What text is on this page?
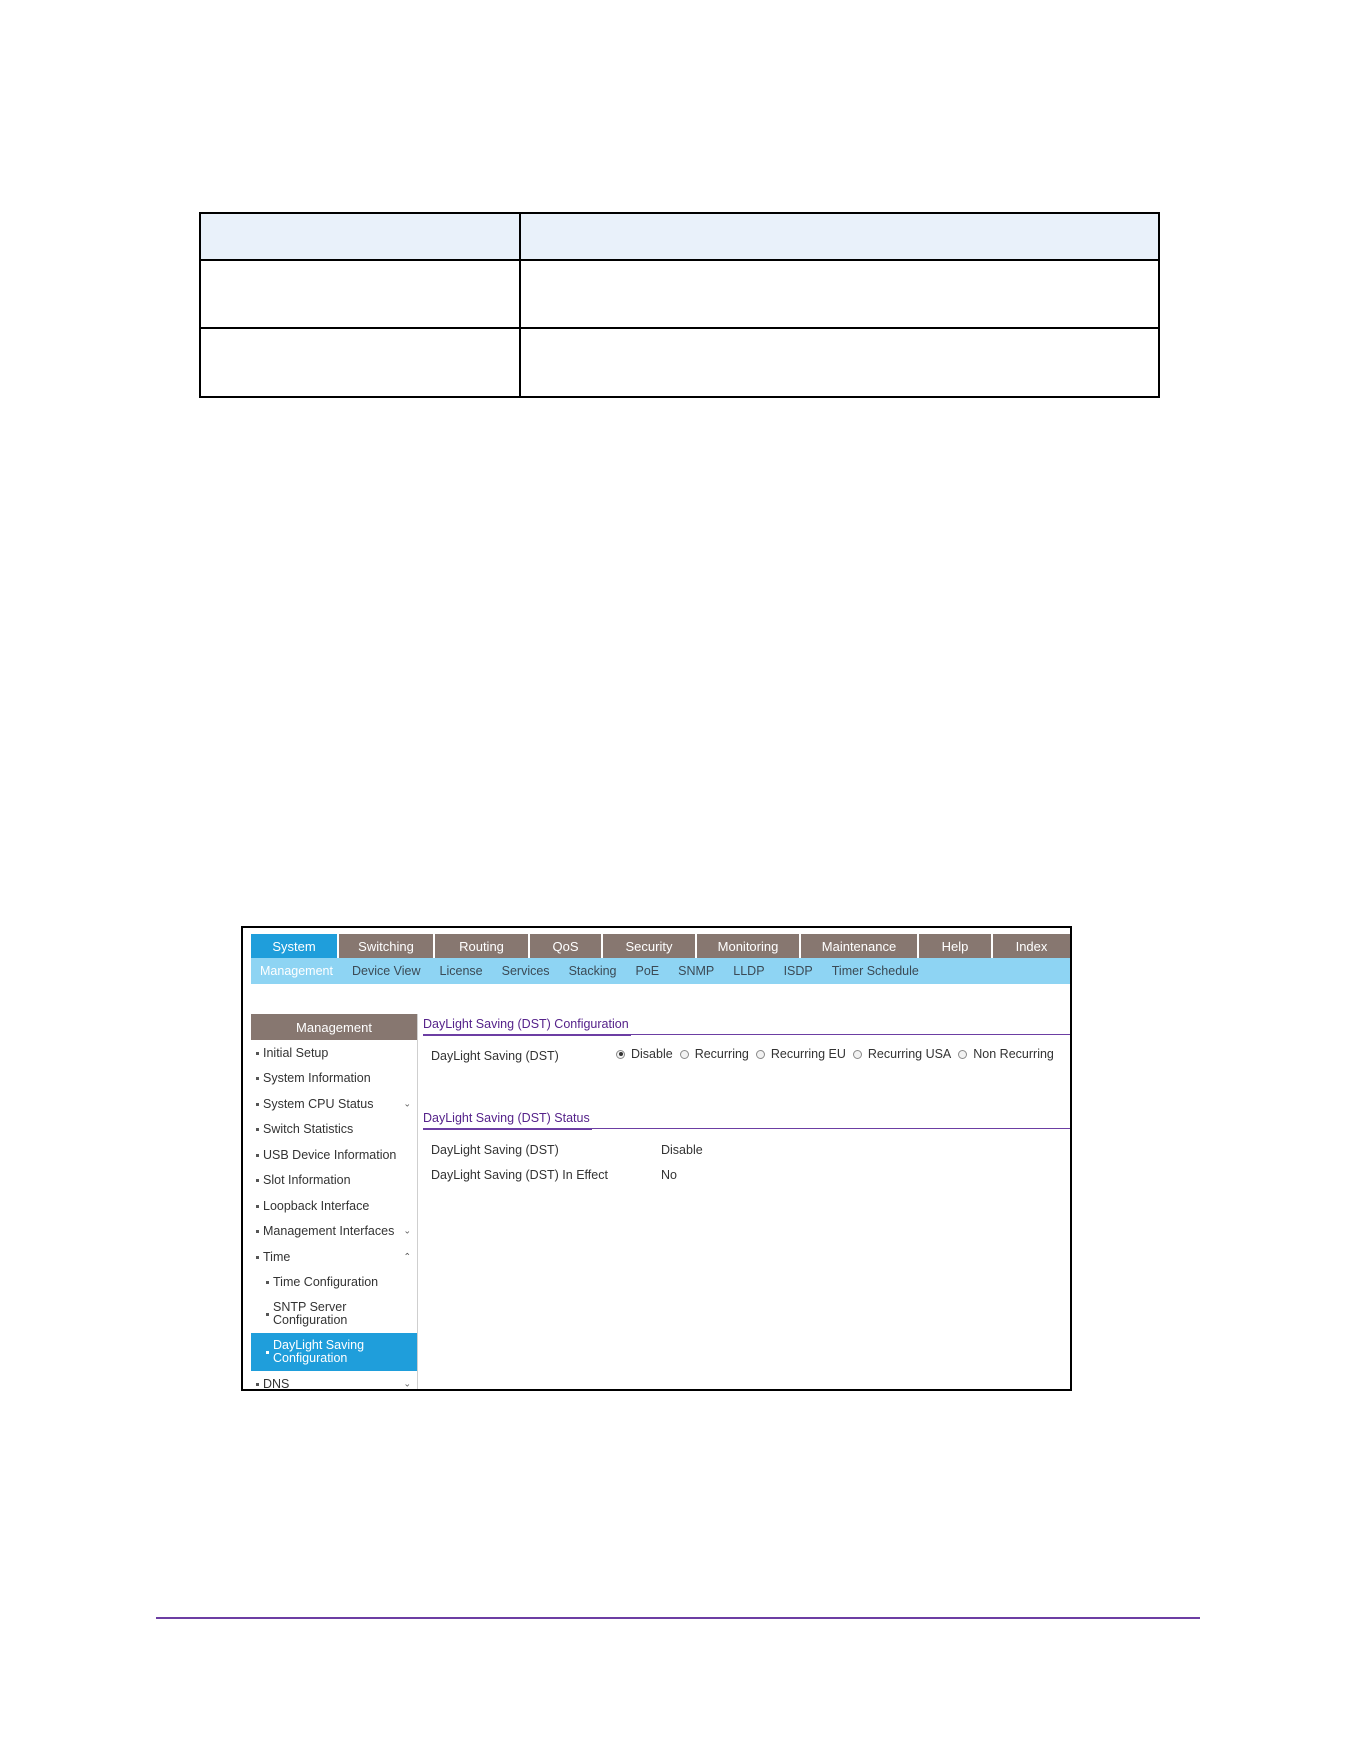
System	Switching	Routing	QoS	Security	Monitoring	Maintenance	Help	Index
Management Device View License Services Stacking PoE SNMP LLDP ISDP Timer Schedule
Management
Initial Setup
System Information
System CPU Status	⌄
Switch Statistics
USB Device Information
Slot Information
Loopback Interface
Management Interfaces ⌄
Time	⌃
Time Configuration
SNTP Server Configuration
DayLight Saving Configuration
DNS	⌄
DayLight Saving (DST) Configuration
DayLight Saving (DST)	Disable Recurring Recurring EU Recurring USA Non Recurring
DayLight Saving (DST) Status
DayLight Saving (DST)	Disable
DayLight Saving (DST) In Effect	No
